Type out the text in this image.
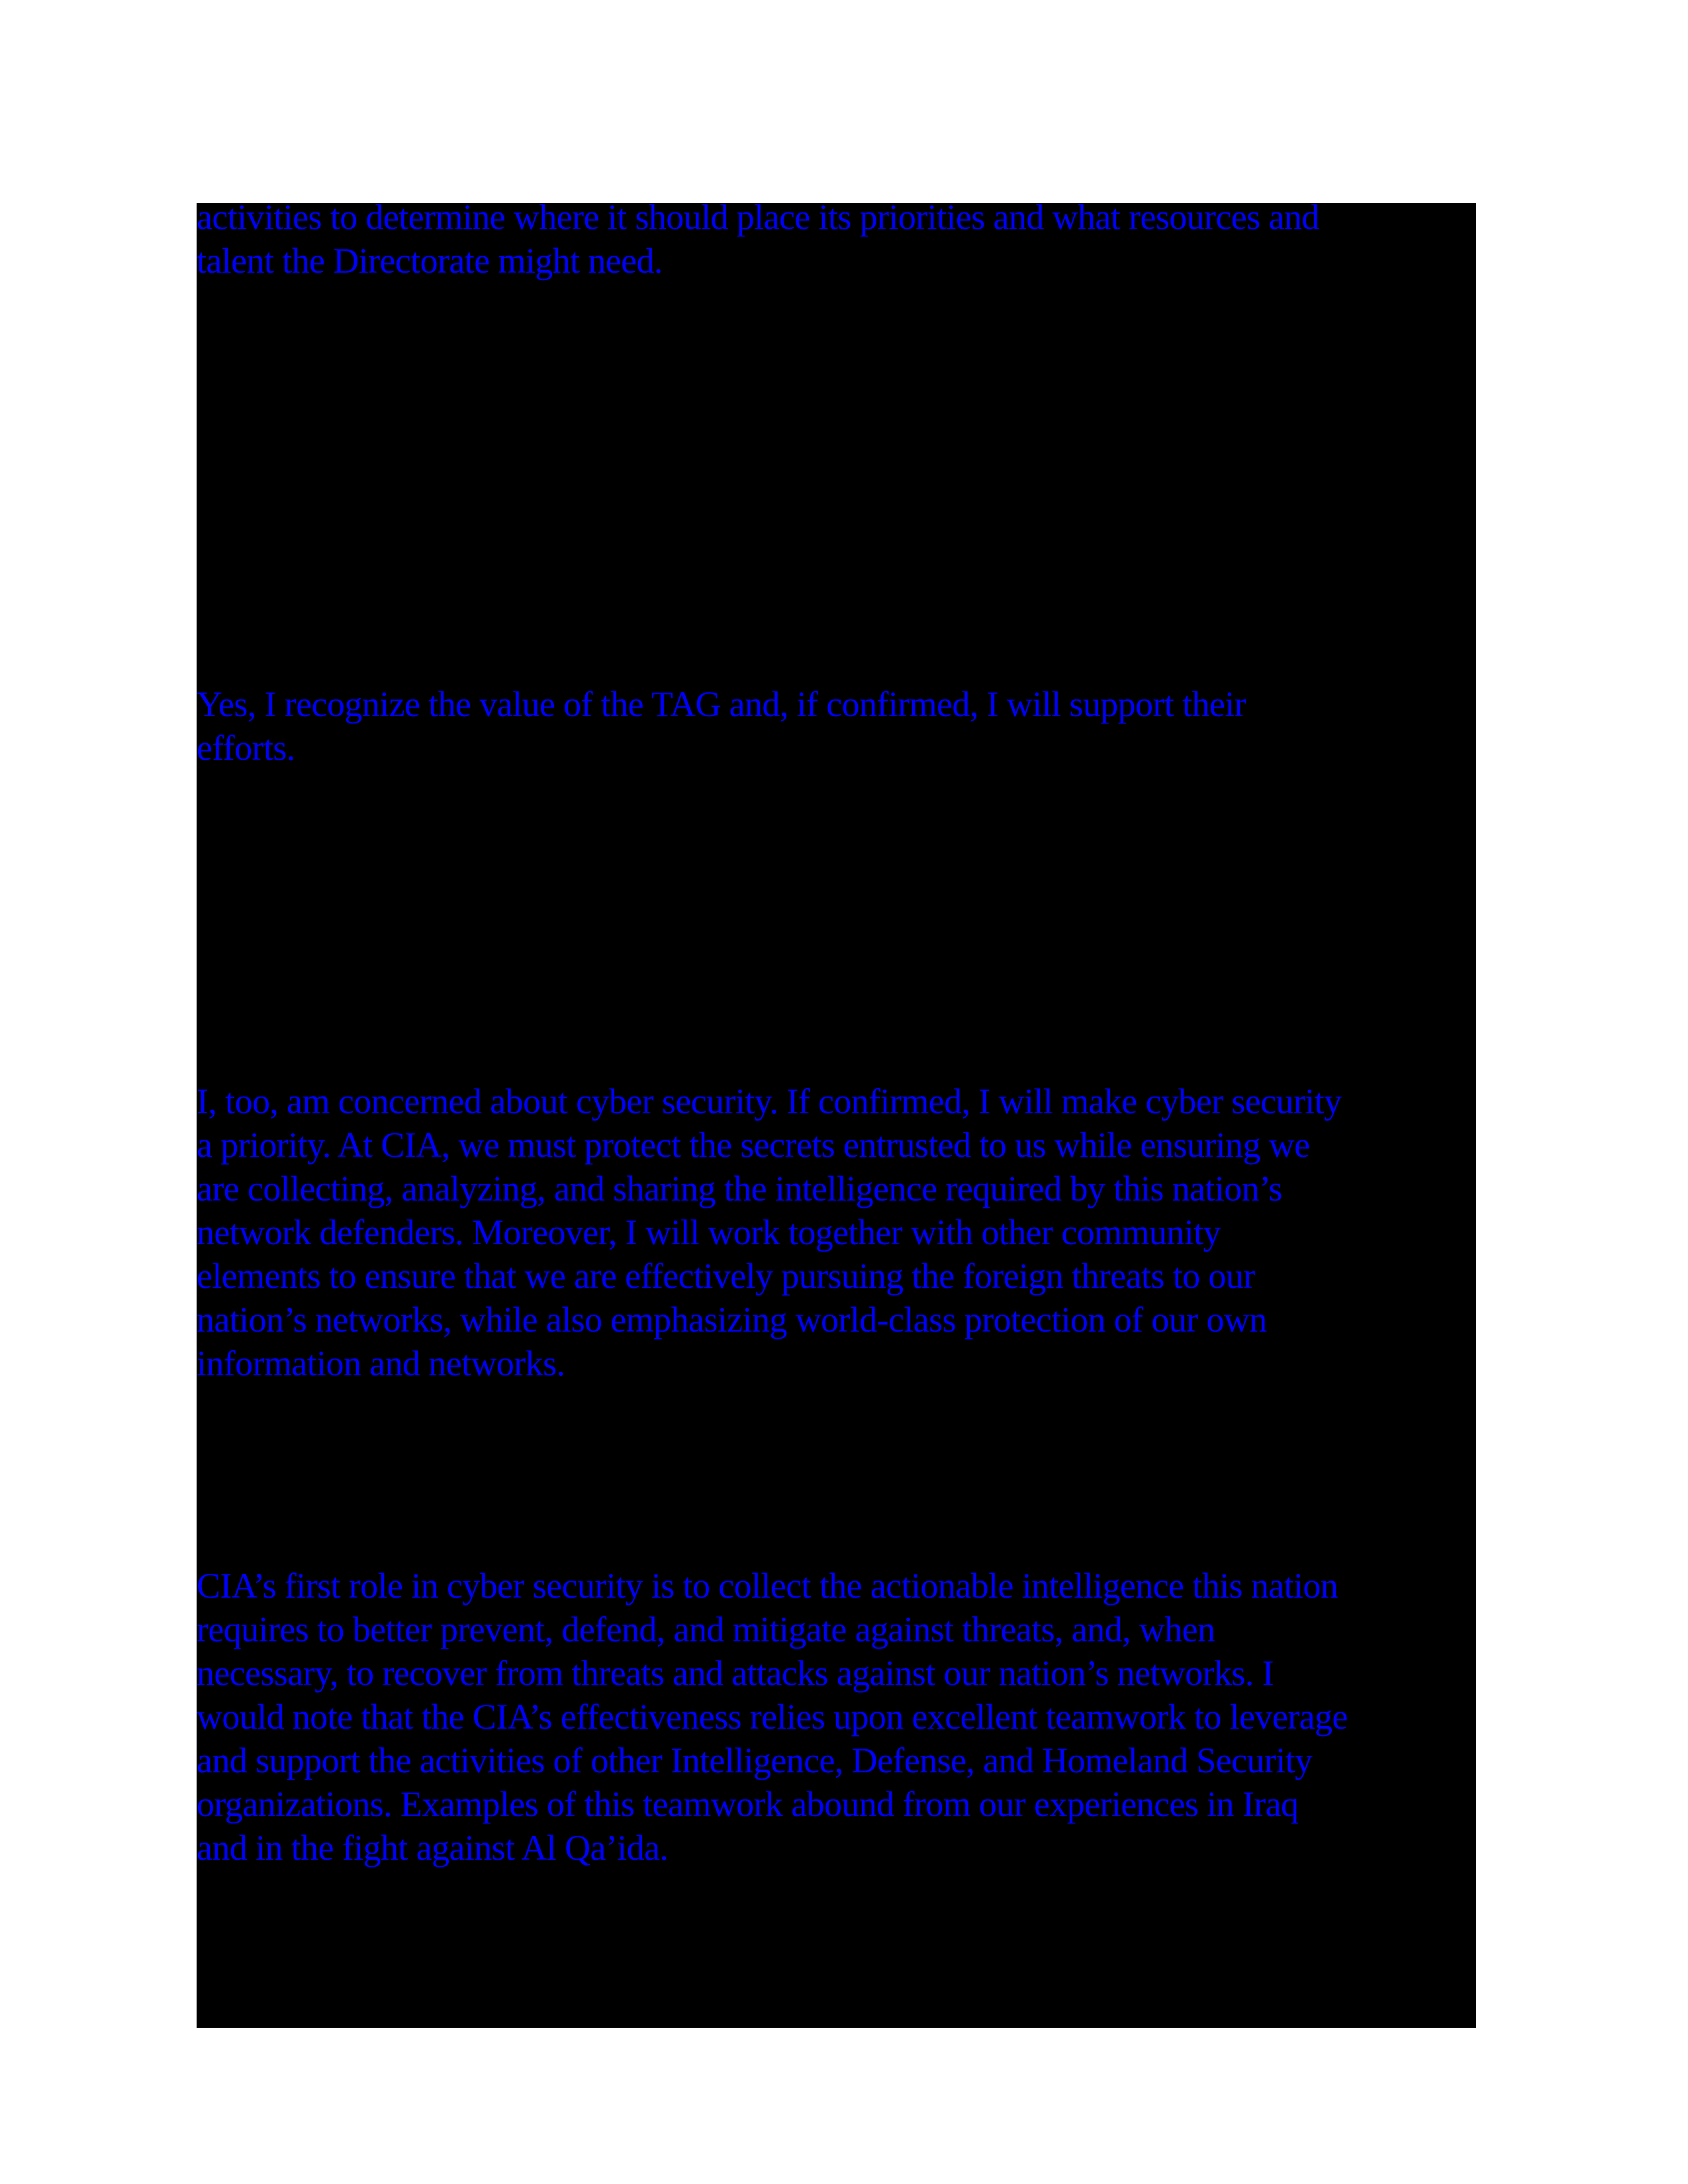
activities to determine where it should place its priorities and what resources and
talent the Directorate might need.

Yes, I recognize the value of the TAG and, if confirmed, I will support their
efforts.

I, too, am concerned about cyber security. If confirmed, I will make cyber security
a priority. At CIA, we must protect the secrets entrusted to us while ensuring we
are collecting, analyzing, and sharing the intelligence required by this nation’s
network defenders. Moreover, I will work together with other community
elements to ensure that we are effectively pursuing the foreign threats to our
nation’s networks, while also emphasizing world-class protection of our own
information and networks.

CIA’s first role in cyber security is to collect the actionable intelligence this nation
requires to better prevent, defend, and mitigate against threats, and, when
necessary, to recover from threats and attacks against our nation’s networks. I
would note that the CIA’s effectiveness relies upon excellent teamwork to leverage
and support the activities of other Intelligence, Defense, and Homeland Security
organizations. Examples of this teamwork abound from our experiences in Iraq
and in the fight against Al Qa’ida.
